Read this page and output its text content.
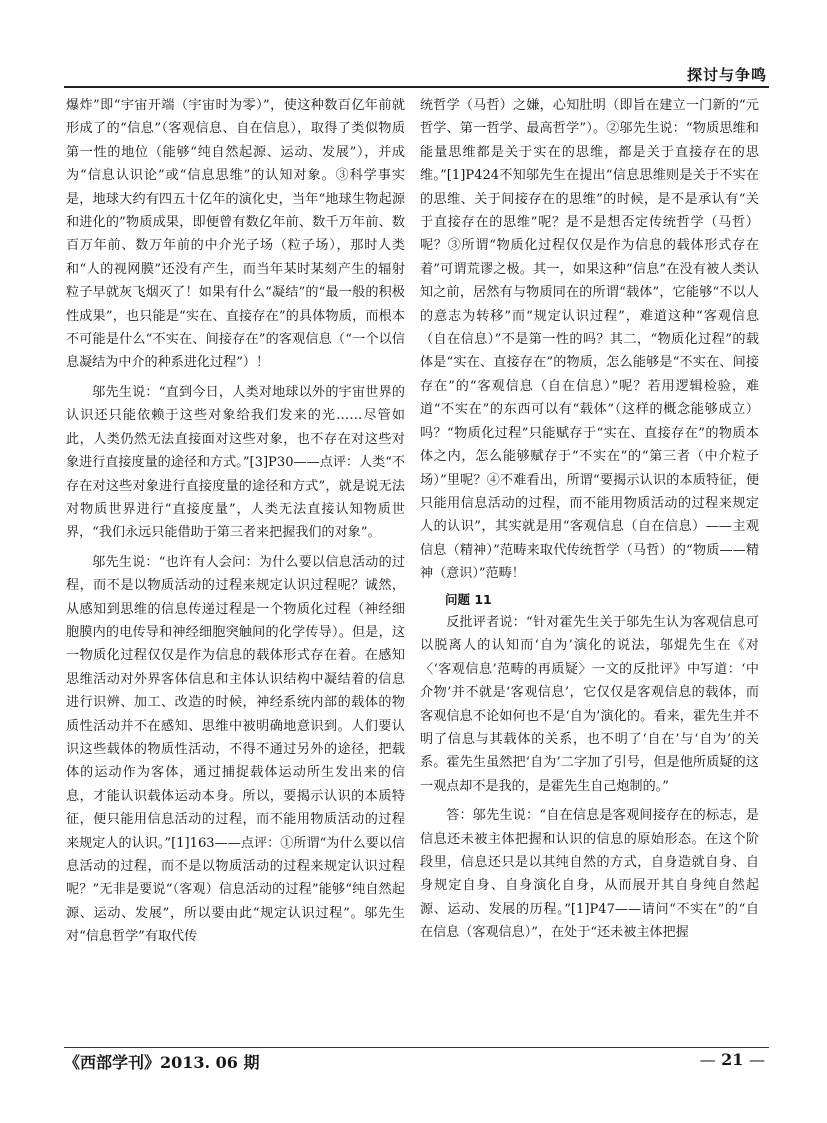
探讨与争鸣

爆炸”即“宇宙开端（宇宙时为零）”，使这种数百亿年前就形成了的“信息”（客观信息、自在信息），取得了类似物质第一性的地位（能够“纯自然起源、运动、发展”），并成为“信息认识论”或“信息思维”的认知对象。③科学事实是，地球大约有四五十亿年的演化史，当年“地球生物起源和进化的”物质成果，即便曾有数亿年前、数千万年前、数百万年前、数万年前的中介光子场（粒子场），那时人类和“人的视网膜”还没有产生，而当年某时某刻产生的辐射粒子早就灰飞烟灭了！如果有什么“凝结”的“最一般的积极性成果”，也只能是“实在、直接存在”的具体物质，而根本不可能是什么“不实在、间接存在”的客观信息（“一个以信息凝结为中介的种系进化过程”）！

邬先生说：“直到今日，人类对地球以外的宇宙世界的认识还只能依赖于这些对象给我们发来的光……尽管如此，人类仍然无法直接面对这些对象，也不存在对这些对象进行直接度量的途径和方式。”[3]P30——点评：人类“不存在对这些对象进行直接度量的途径和方式”，就是说无法对物质世界进行“直接度量”，人类无法直接认知物质世界，“我们永远只能借助于第三者来把握我们的对象”。

邬先生说：“也许有人会问：为什么要以信息活动的过程，而不是以物质活动的过程来规定认识过程呢？诚然，从感知到思维的信息传递过程是一个物质化过程（神经细胞膜内的电传导和神经细胞突触间的化学传导）。但是，这一物质化过程仅仅是作为信息的载体形式存在着。在感知思维活动对外界客体信息和主体认识结构中凝结着的信息进行识辨、加工、改造的时候，神经系统内部的载体的物质性活动并不在感知、思维中被明确地意识到。人们要认识这些载体的物质性活动，不得不通过另外的途径，把载体的运动作为客体，通过捕捉载体运动所生发出来的信息，才能认识载体运动本身。所以，要揭示认识的本质特征，便只能用信息活动的过程，而不能用物质活动的过程来规定人的认识。”[1]163——点评：①所谓“为什么要以信息活动的过程，而不是以物质活动的过程来规定认识过程呢？”无非是要说“（客观）信息活动的过程”能够“纯自然起源、运动、发展”，所以要由此“规定认识过程”。邬先生对“信息哲学”有取代传

统哲学（马哲）之嫌，心知肚明（即旨在建立一门新的“元哲学、第一哲学、最高哲学”）。②邬先生说：“物质思维和能量思维都是关于实在的思维，都是关于直接存在的思维。”[1]P424不知邬先生在提出“信息思维则是关于不实在的思维、关于间接存在的思维”的时候，是不是承认有“关于直接存在的思维”呢？是不是想否定传统哲学（马哲）呢？③所谓“物质化过程仅仅是作为信息的载体形式存在着”可谓荒谬之极。其一，如果这种“信息”在没有被人类认知之前，居然有与物质同在的所谓“载体”，它能够“不以人的意志为转移”而“规定认识过程”，难道这种“客观信息（自在信息）”不是第一性的吗？其二，“物质化过程”的载体是“实在、直接存在”的物质，怎么能够是“不实在、间接存在”的“客观信息（自在信息）”呢？若用逻辑检验，难道“不实在”的东西可以有“载体”（这样的概念能够成立）吗？“物质化过程”只能赋存于“实在、直接存在”的物质本体之内，怎么能够赋存于“不实在”的“第三者（中介粒子场）”里呢？④不难看出，所谓“要揭示认识的本质特征，便只能用信息活动的过程，而不能用物质活动的过程来规定人的认识”，其实就是用“客观信息（自在信息）——主观信息（精神）”范畴来取代传统哲学（马哲）的“物质——精神（意识）”范畴！

问题 11

反批评者说：“针对霍先生关于邬先生认为客观信息可以脱离人的认知而‘自为’演化的说法，邬焜先生在《对〈‘客观信息’范畴的再质疑〉一文的反批评》中写道：‘中介物’并不就是‘客观信息’，它仅仅是客观信息的载体，而客观信息不论如何也不是‘自为’演化的。看来，霍先生并不明了信息与其载体的关系，也不明了‘自在’与‘自为’的关系。霍先生虽然把‘自为’二字加了引号，但是他所质疑的这一观点却不是我的，是霍先生自己炮制的。”

答：邬先生说：“自在信息是客观间接存在的标志，是信息还未被主体把握和认识的信息的原始形态。在这个阶段里，信息还只是以其纯自然的方式，自身造就自身、自身规定自身、自身演化自身，从而展开其自身纯自然起源、运动、发展的历程。”[1]P47——请问“不实在”的“自在信息（客观信息）”，在处于“还未被主体把握

《西部学刊》2013. 06 期	— 21 —
